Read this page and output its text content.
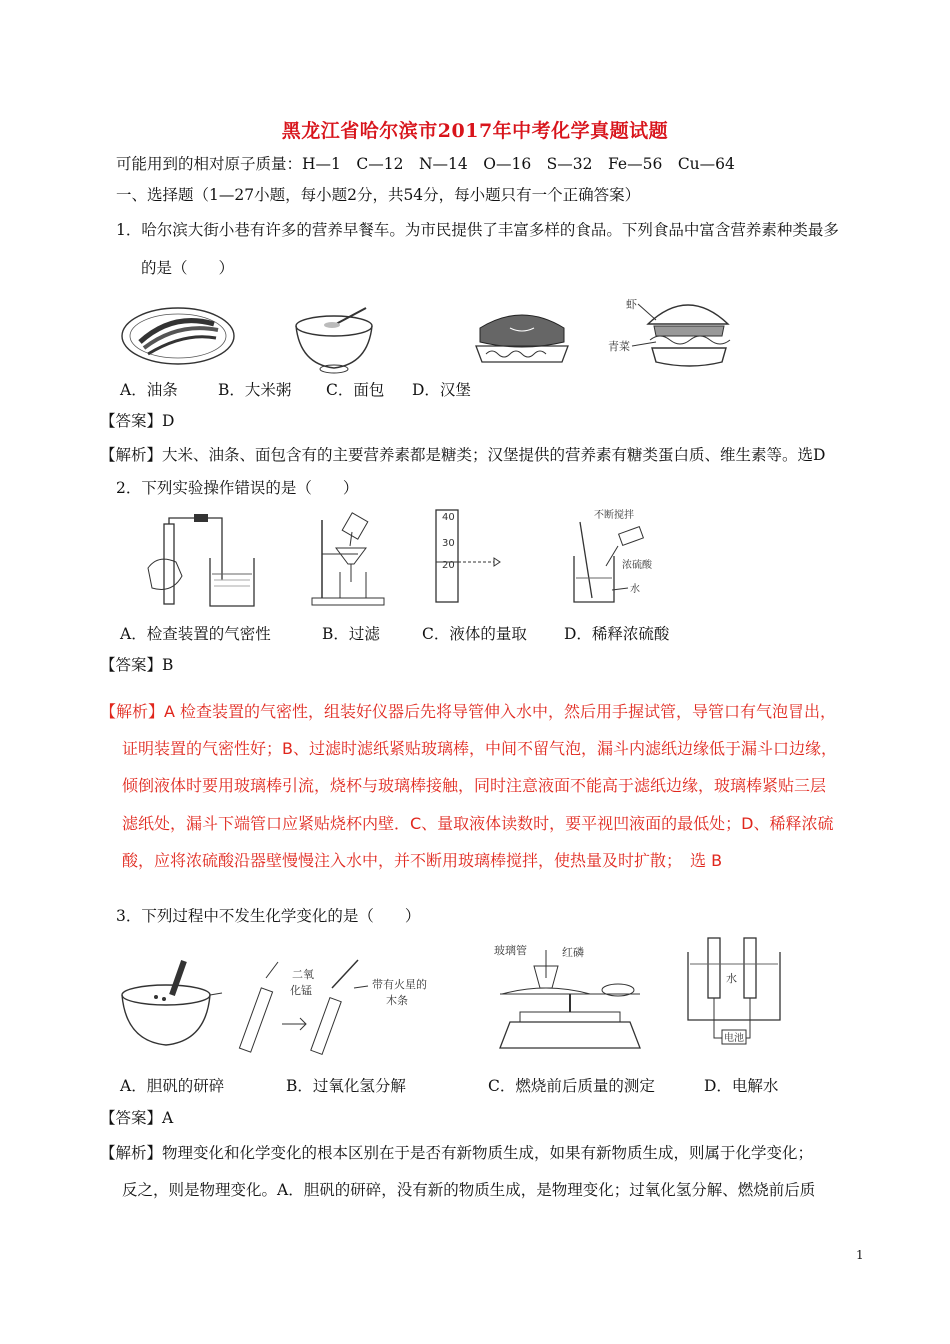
黑龙江省哈尔滨市2017年中考化学真题试题
可能用到的相对原子质量：H—1　C—12　N—14　O—16　S—32　Fe—56　Cu—64
一、选择题（1—27小题，每小题2分，共54分，每小题只有一个正确答案）
1．哈尔滨大街小巷有许多的营养早餐车。为市民提供了丰富多样的食品。下列食品中富含营养素种类最多
的是（　　）
虾
青菜
A．油条	B．大米粥	C．面包	D．汉堡
【答案】D
【解析】大米、油条、面包含有的主要营养素都是糖类；汉堡提供的营养素有糖类蛋白质、维生素等。选D
2．下列实验操作错误的是（　　）
40
30
20
不断搅拌
浓硫酸
水
A．检查装置的气密性	B．过滤	C．液体的量取	D．稀释浓硫酸
【答案】B
【解析】A 检查装置的气密性，组装好仪器后先将导管伸入水中，然后用手握试管，导管口有气泡冒出，
证明装置的气密性好；B、过滤时滤纸紧贴玻璃棒，中间不留气泡，漏斗内滤纸边缘低于漏斗口边缘，
倾倒液体时要用玻璃棒引流，烧杯与玻璃棒接触，同时注意液面不能高于滤纸边缘，玻璃棒紧贴三层
滤纸处，漏斗下端管口应紧贴烧杯内壁．C、量取液体读数时，要平视凹液面的最低处；D、稀释浓硫
酸，应将浓硫酸沿器壁慢慢注入水中，并不断用玻璃棒搅拌，使热量及时扩散；　选 B
3．下列过程中不发生化学变化的是（　　）
二氧
化锰	带有火星的
木条
玻璃管	红磷
水
电池
A．胆矾的研碎	B．过氧化氢分解	C．燃烧前后质量的测定	D．电解水
【答案】A
【解析】物理变化和化学变化的根本区别在于是否有新物质生成，如果有新物质生成，则属于化学变化；
反之，则是物理变化。A．胆矾的研碎，没有新的物质生成，是物理变化；过氧化氢分解、燃烧前后质
1
